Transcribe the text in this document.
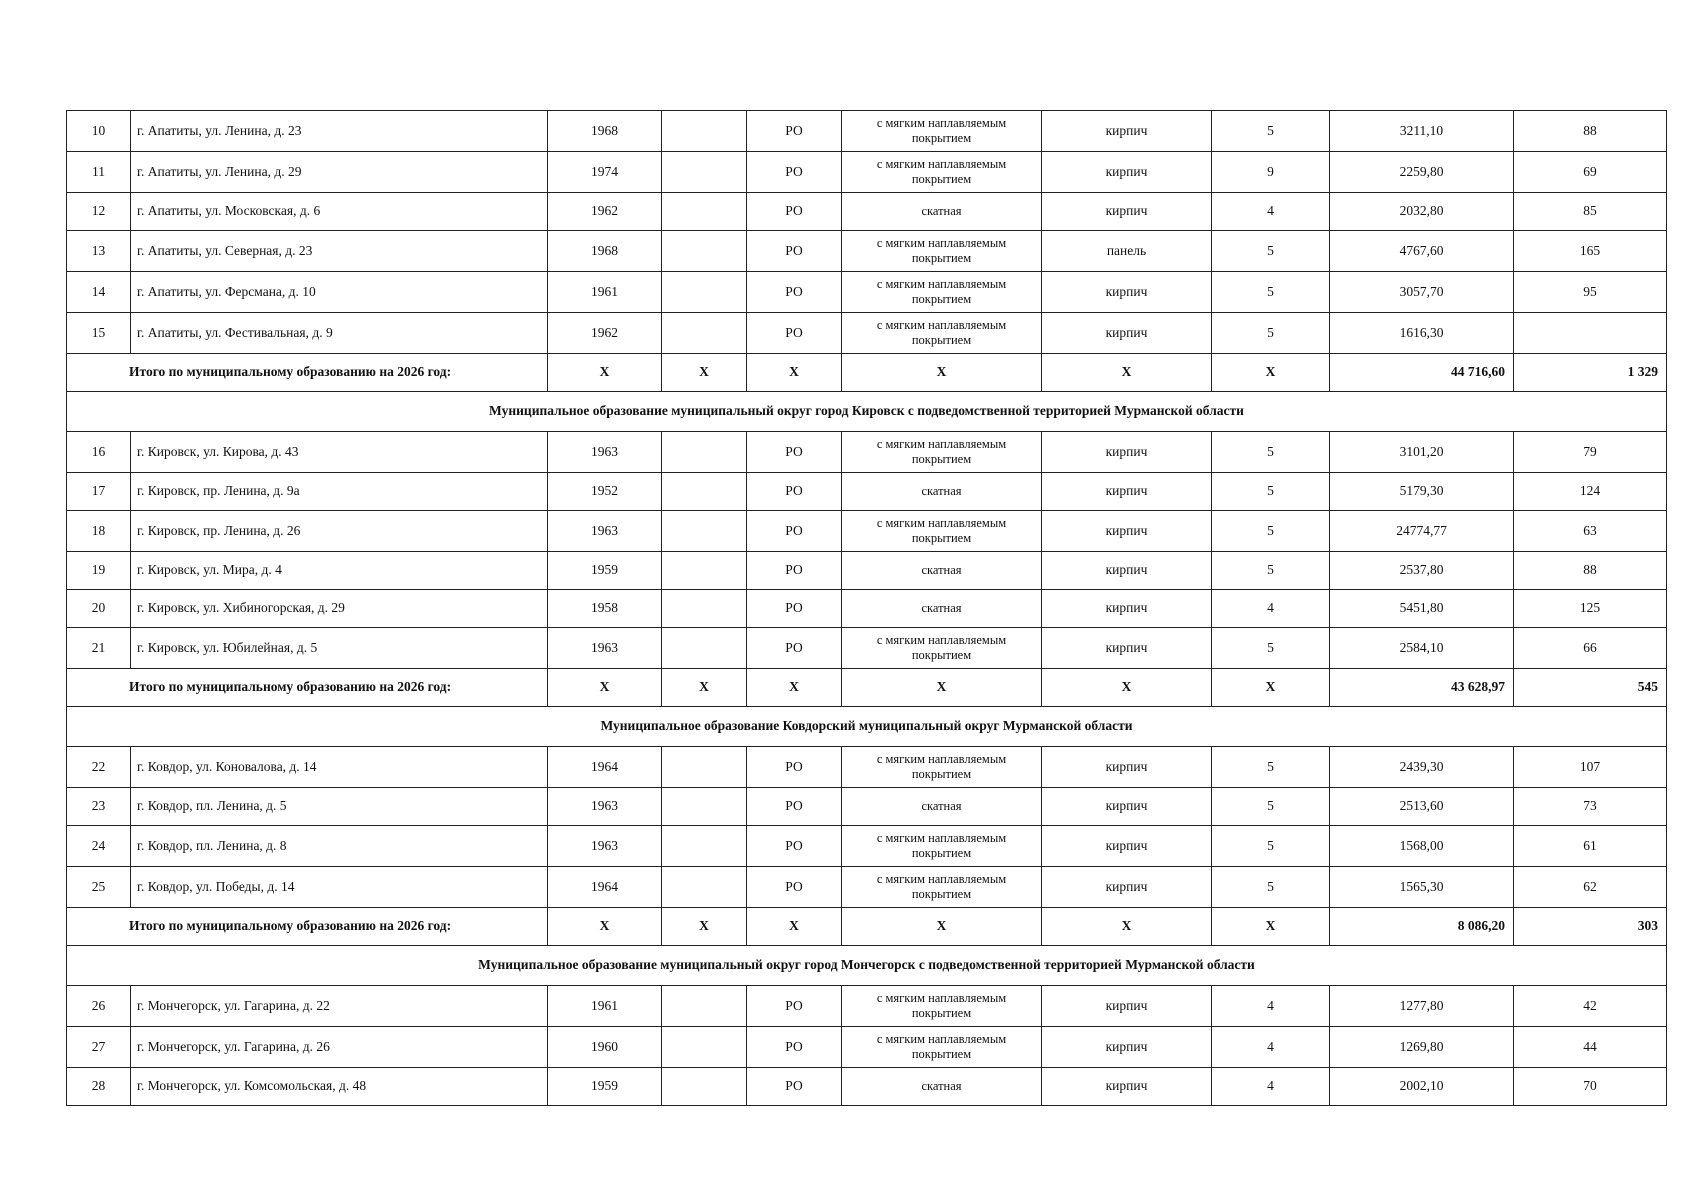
10	г. Апатиты, ул. Ленина, д. 23	1968		РО	с мягким наплавляемым покрытием	кирпич	5	3211,10	88
11	г. Апатиты, ул. Ленина, д. 29	1974		РО	с мягким наплавляемым покрытием	кирпич	9	2259,80	69
12	г. Апатиты, ул. Московская, д. 6	1962		РО	скатная	кирпич	4	2032,80	85
13	г. Апатиты, ул. Северная, д. 23	1968		РО	с мягким наплавляемым покрытием	панель	5	4767,60	165
14	г. Апатиты, ул. Ферсмана, д. 10	1961		РО	с мягким наплавляемым покрытием	кирпич	5	3057,70	95
15	г. Апатиты, ул. Фестивальная, д. 9	1962		РО	с мягким наплавляемым покрытием	кирпич	5	1616,30	
Итого по муниципальному образованию на 2026 год:		X	X	X	X	X	X	44 716,60	1 329
Муниципальное образование муниципальный округ город Кировск с подведомственной территорией Мурманской области									
16	г. Кировск, ул. Кирова, д. 43	1963		РО	с мягким наплавляемым покрытием	кирпич	5	3101,20	79
17	г. Кировск, пр. Ленина, д. 9а	1952		РО	скатная	кирпич	5	5179,30	124
18	г. Кировск, пр. Ленина, д. 26	1963		РО	с мягким наплавляемым покрытием	кирпич	5	24774,77	63
19	г. Кировск, ул. Мира, д. 4	1959		РО	скатная	кирпич	5	2537,80	88
20	г. Кировск, ул. Хибиногорская, д. 29	1958		РО	скатная	кирпич	4	5451,80	125
21	г. Кировск, ул. Юбилейная, д. 5	1963		РО	с мягким наплавляемым покрытием	кирпич	5	2584,10	66
Итого по муниципальному образованию на 2026 год:		X	X	X	X	X	X	43 628,97	545
Муниципальное образование Ковдорский муниципальный округ Мурманской области									
22	г. Ковдор, ул. Коновалова, д. 14	1964		РО	с мягким наплавляемым покрытием	кирпич	5	2439,30	107
23	г. Ковдор, пл. Ленина, д. 5	1963		РО	скатная	кирпич	5	2513,60	73
24	г. Ковдор, пл. Ленина, д. 8	1963		РО	с мягким наплавляемым покрытием	кирпич	5	1568,00	61
25	г. Ковдор, ул. Победы, д. 14	1964		РО	с мягким наплавляемым покрытием	кирпич	5	1565,30	62
Итого по муниципальному образованию на 2026 год:		X	X	X	X	X	X	8 086,20	303
Муниципальное образование муниципальный округ город Мончегорск с подведомственной территорией Мурманской области									
26	г. Мончегорск, ул. Гагарина, д. 22	1961		РО	с мягким наплавляемым покрытием	кирпич	4	1277,80	42
27	г. Мончегорск, ул. Гагарина, д. 26	1960		РО	с мягким наплавляемым покрытием	кирпич	4	1269,80	44
28	г. Мончегорск, ул. Комсомольская, д. 48	1959		РО	скатная	кирпич	4	2002,10	70
